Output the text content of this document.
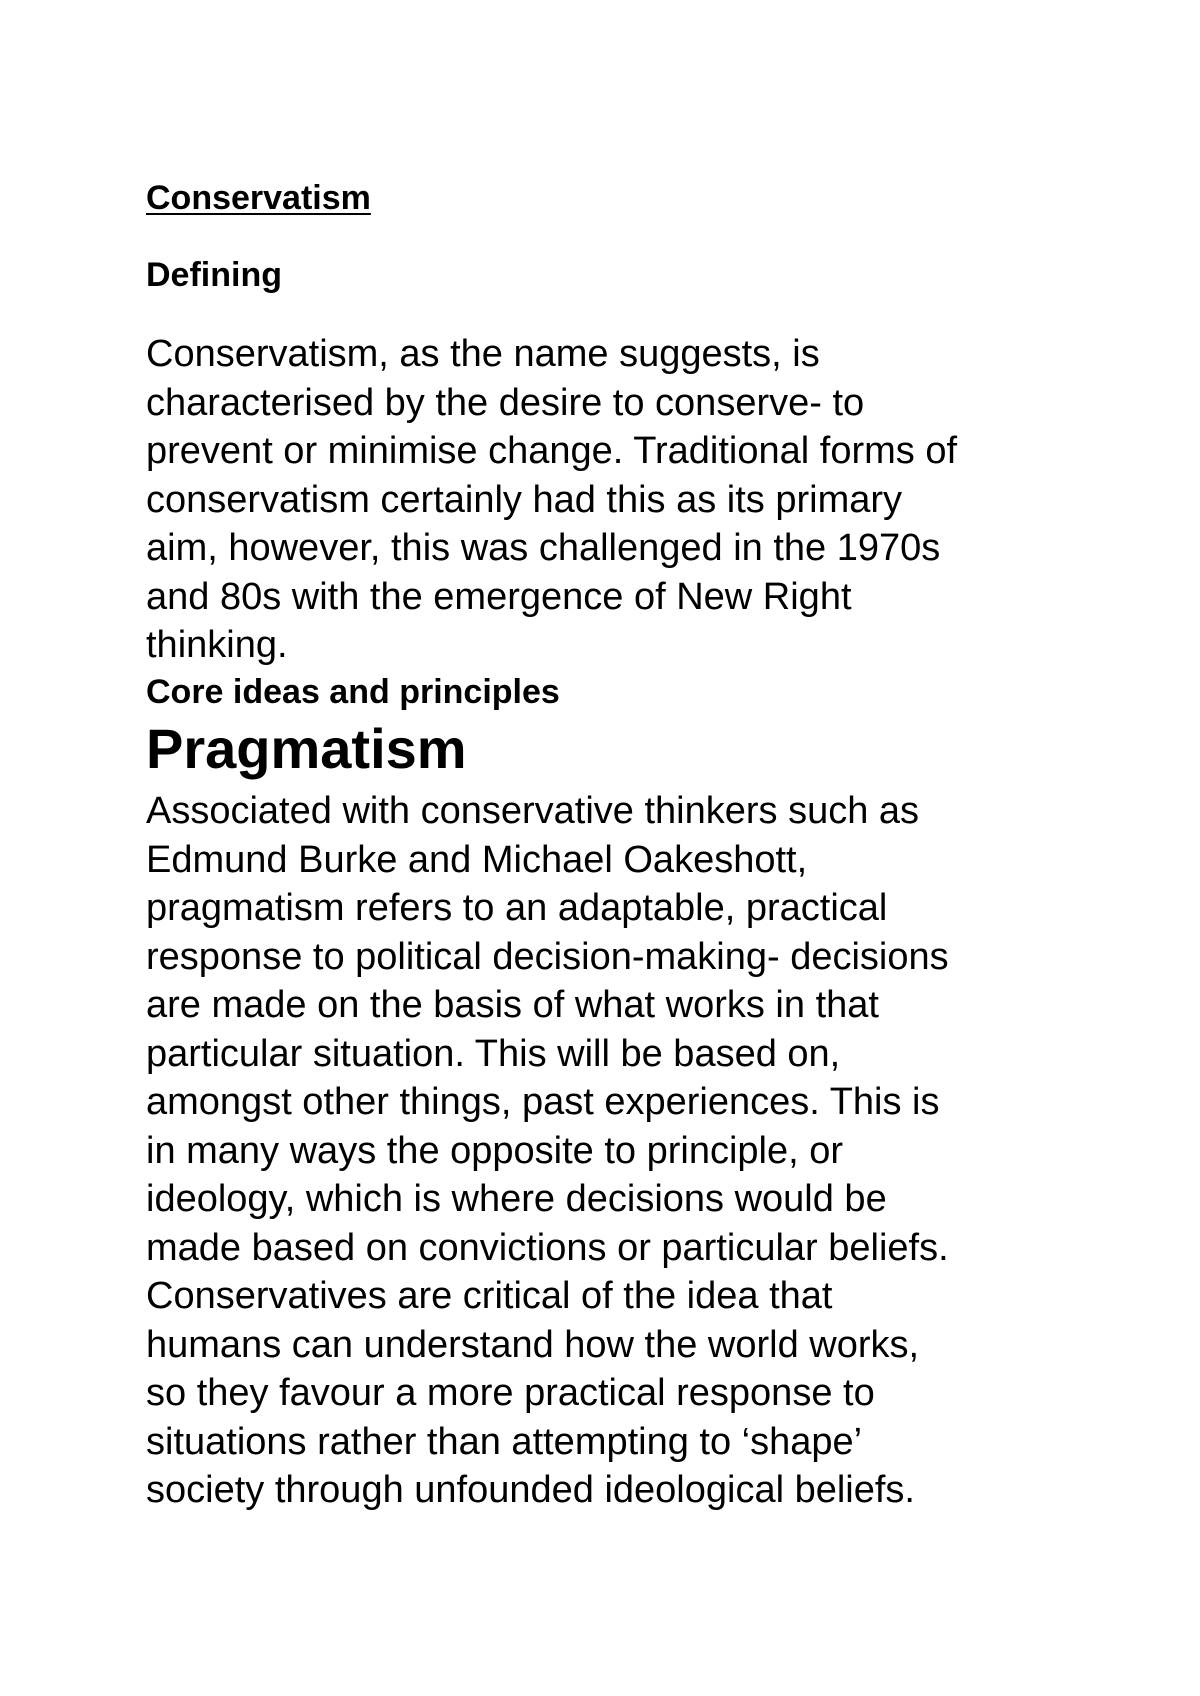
Conservatism
Defining

Conservatism, as the name suggests, is
characterised by the desire to conserve- to
prevent or minimise change. Traditional forms of
conservatism certainly had this as its primary
aim, however, this was challenged in the 1970s
and 80s with the emergence of New Right
thinking.

Core ideas and principles
Pragmatism

Associated with conservative thinkers such as
Edmund Burke and Michael Oakeshott,
pragmatism refers to an adaptable, practical
response to political decision-making- decisions
are made on the basis of what works in that
particular situation. This will be based on,
amongst other things, past experiences. This is
in many ways the opposite to principle, or
ideology, which is where decisions would be
made based on convictions or particular beliefs.
Conservatives are critical of the idea that
humans can understand how the world works,
so they favour a more practical response to
situations rather than attempting to ‘shape’
society through unfounded ideological beliefs.
